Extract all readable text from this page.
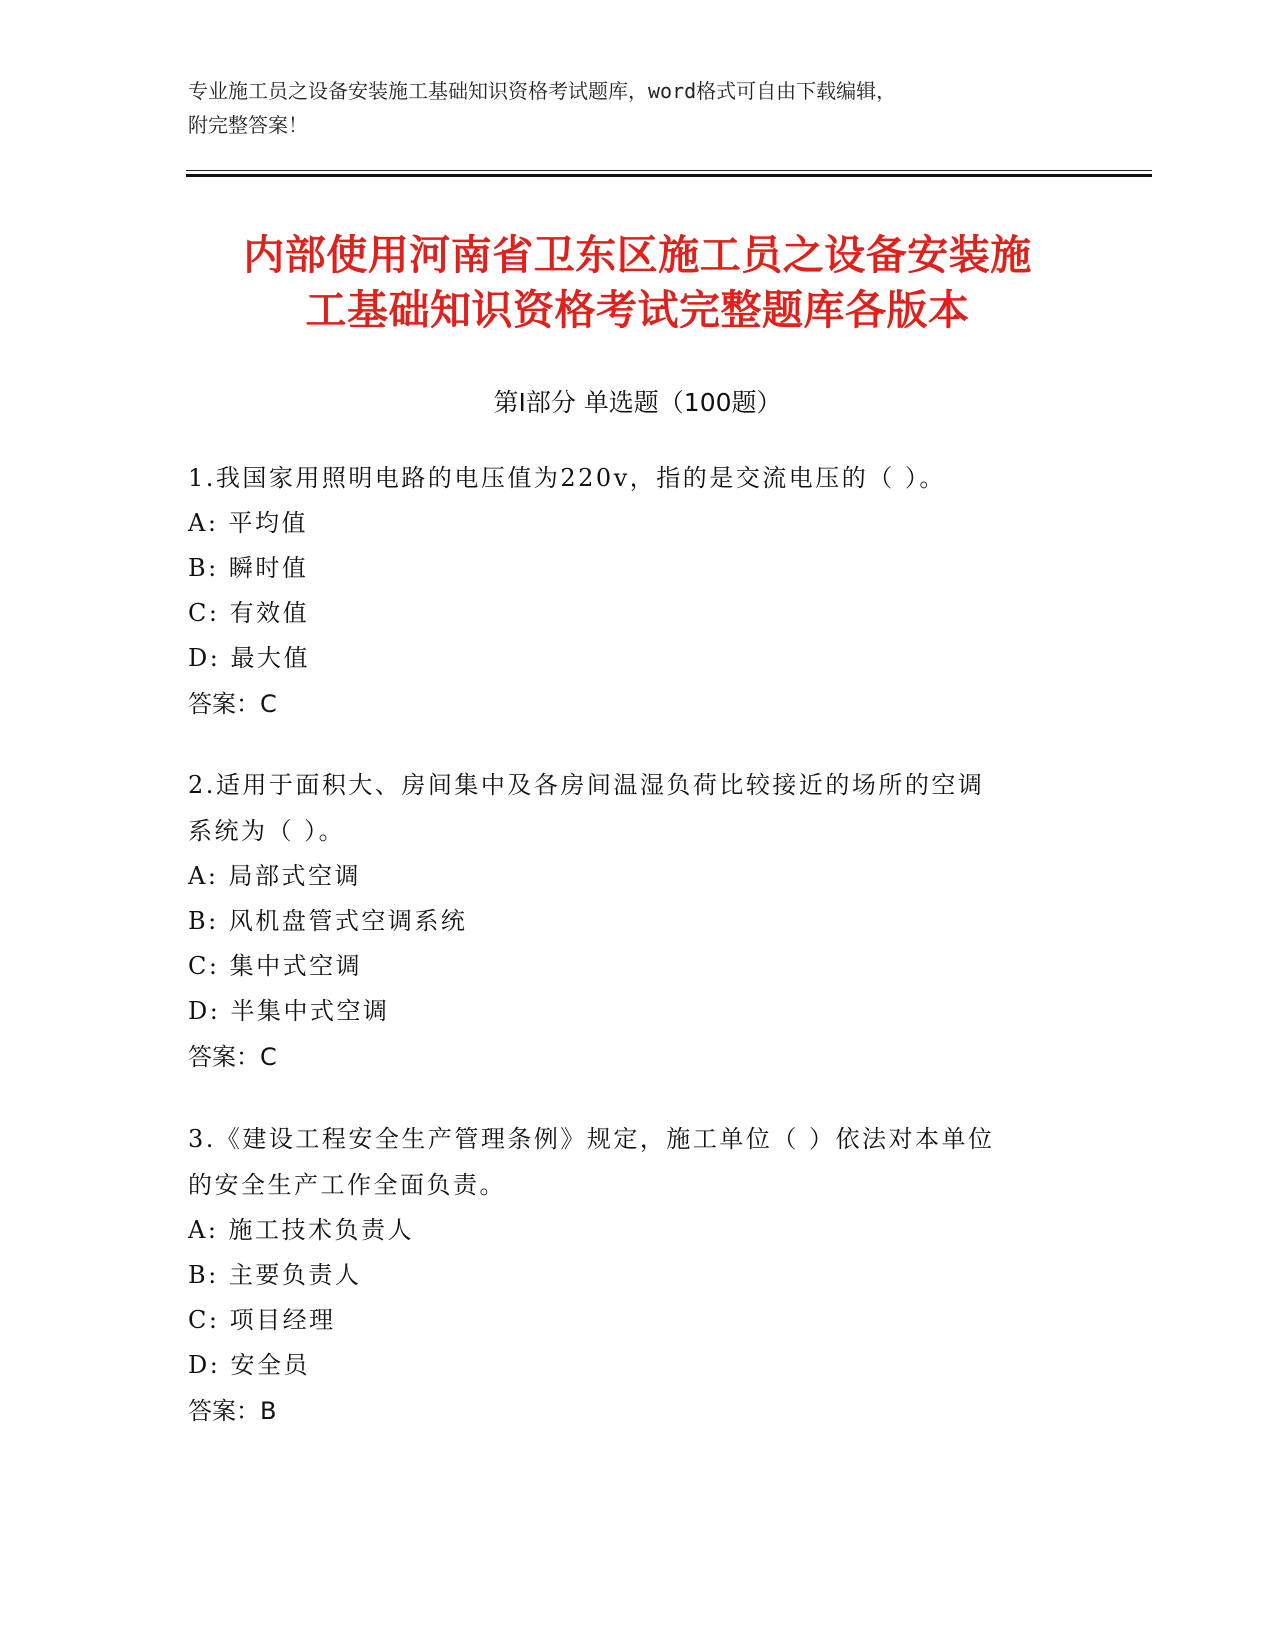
专业施工员之设备安装施工基础知识资格考试题库，word格式可自由下载编辑，
附完整答案！
内部使用河南省卫东区施工员之设备安装施
工基础知识资格考试完整题库各版本
第Ⅰ部分 单选题（100题）

1.我国家用照明电路的电压值为220v，指的是交流电压的（ ）。

A: 平均值

B: 瞬时值

C: 有效值

D: 最大值

答案：C

2.适用于面积大、房间集中及各房间温湿负荷比较接近的场所的空调

系统为（ ）。

A: 局部式空调

B: 风机盘管式空调系统

C: 集中式空调

D: 半集中式空调

答案：C

3.《建设工程安全生产管理条例》规定，施工单位（ ）依法对本单位

的安全生产工作全面负责。

A: 施工技术负责人

B: 主要负责人

C: 项目经理

D: 安全员

答案：B
